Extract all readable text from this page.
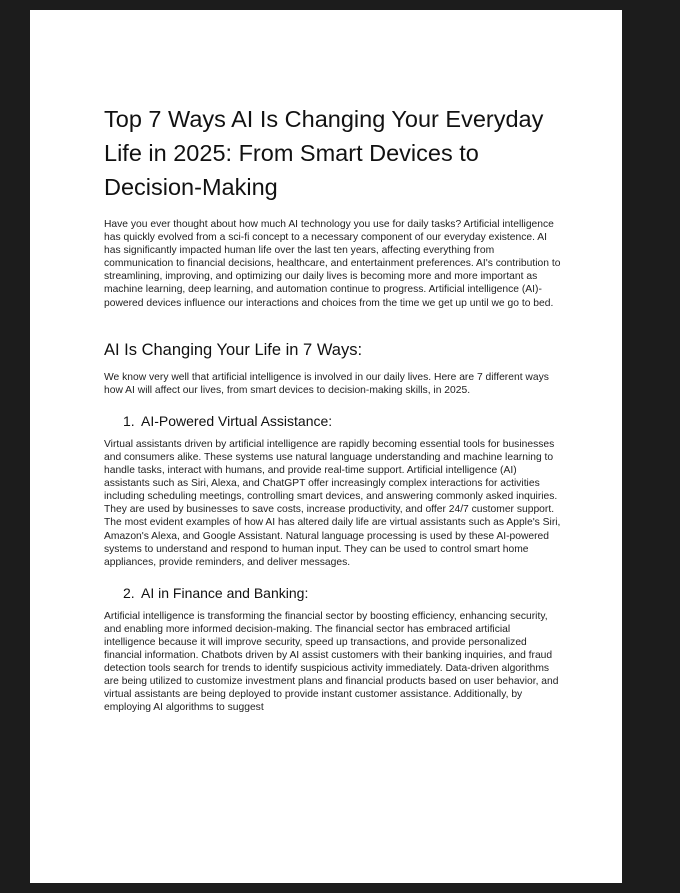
Top 7 Ways AI Is Changing Your Everyday Life in 2025: From Smart Devices to Decision-Making

Have you ever thought about how much AI technology you use for daily tasks? Artificial intelligence has quickly evolved from a sci-fi concept to a necessary component of our everyday existence. AI has significantly impacted human life over the last ten years, affecting everything from communication to financial decisions, healthcare, and entertainment preferences. AI's contribution to streamlining, improving, and optimizing our daily lives is becoming more and more important as machine learning, deep learning, and automation continue to progress. Artificial intelligence (AI)-powered devices influence our interactions and choices from the time we get up until we go to bed.

AI Is Changing Your Life in 7 Ways:

We know very well that artificial intelligence is involved in our daily lives. Here are 7 different ways how AI will affect our lives, from smart devices to decision-making skills, in 2025.

1. AI-Powered Virtual Assistance:

Virtual assistants driven by artificial intelligence are rapidly becoming essential tools for businesses and consumers alike. These systems use natural language understanding and machine learning to handle tasks, interact with humans, and provide real-time support. Artificial intelligence (AI) assistants such as Siri, Alexa, and ChatGPT offer increasingly complex interactions for activities including scheduling meetings, controlling smart devices, and answering commonly asked inquiries. They are used by businesses to save costs, increase productivity, and offer 24/7 customer support.

The most evident examples of how AI has altered daily life are virtual assistants such as Apple's Siri, Amazon's Alexa, and Google Assistant. Natural language processing is used by these AI-powered systems to understand and respond to human input. They can be used to control smart home appliances, provide reminders, and deliver messages.

2. AI in Finance and Banking:

Artificial intelligence is transforming the financial sector by boosting efficiency, enhancing security, and enabling more informed decision-making. The financial sector has embraced artificial intelligence because it will improve security, speed up transactions, and provide personalized financial information. Chatbots driven by AI assist customers with their banking inquiries, and fraud detection tools search for trends to identify suspicious activity immediately. Data-driven algorithms are being utilized to customize investment plans and financial products based on user behavior, and virtual assistants are being deployed to provide instant customer assistance. Additionally, by employing AI algorithms to suggest
